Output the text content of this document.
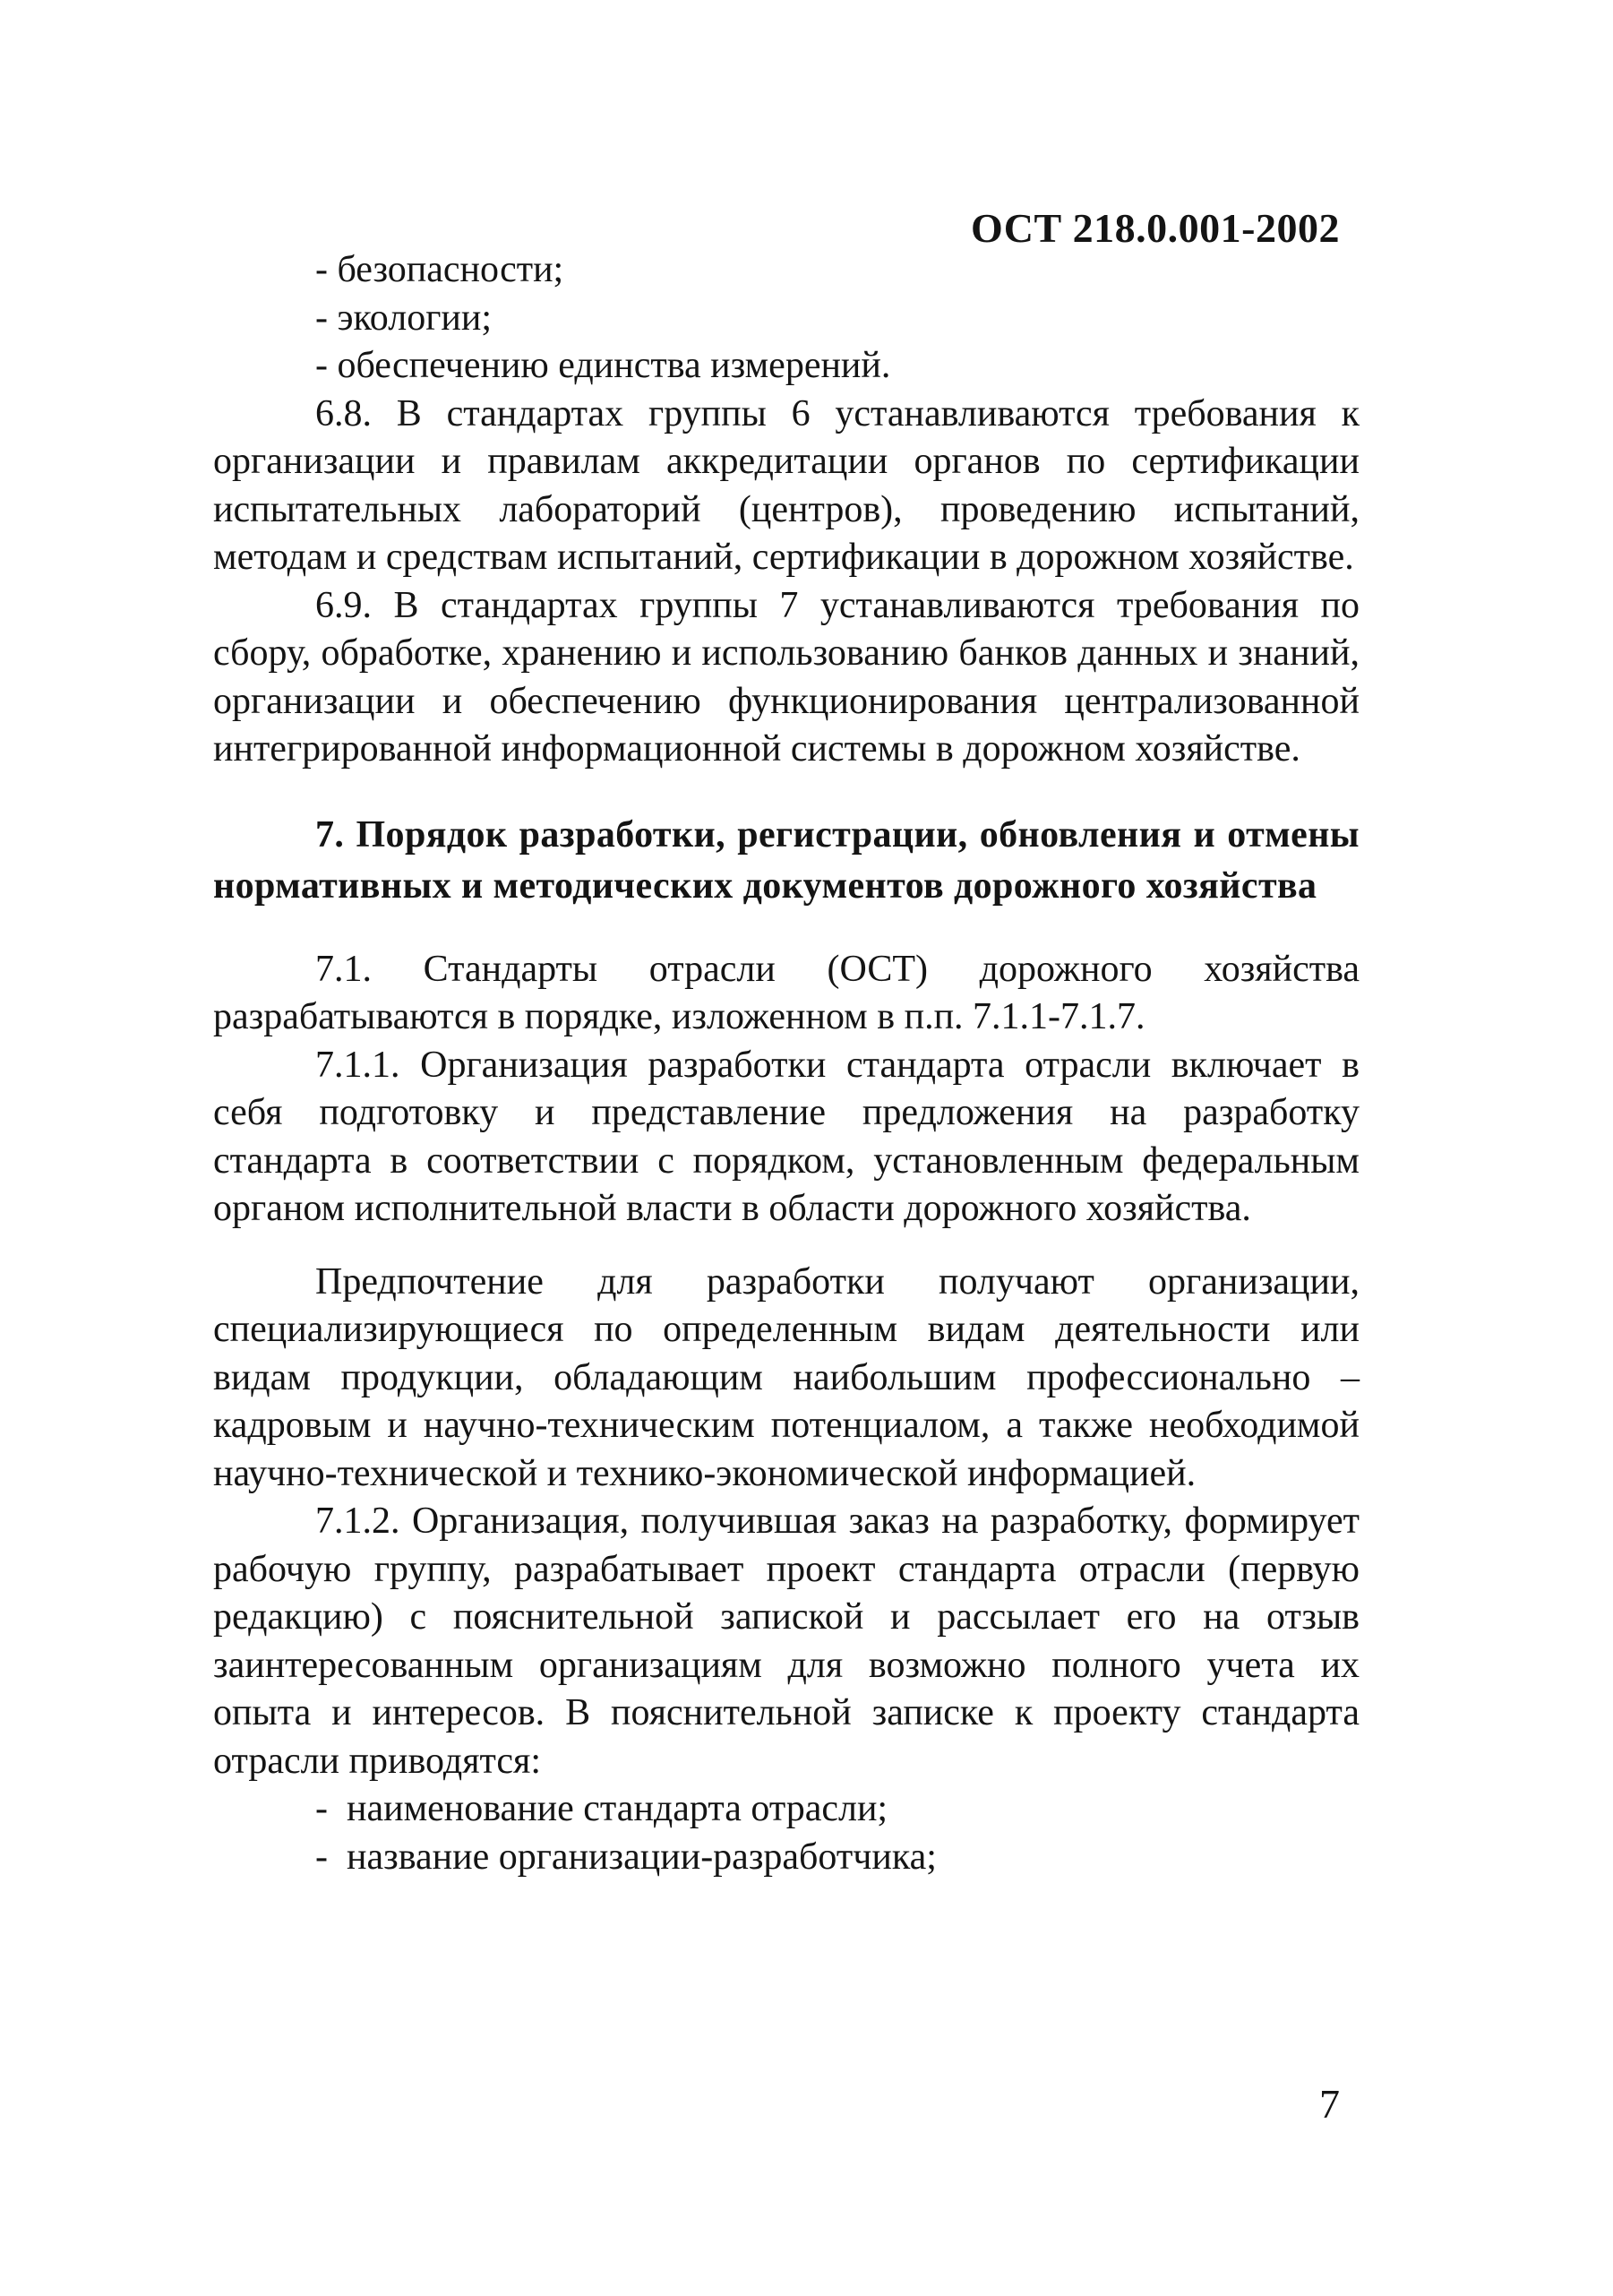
ОСТ 218.0.001-2002

- безопасности;

- экологии;

- обеспечению единства измерений.

6.8. В стандартах группы 6 устанавливаются требования к организации и правилам аккредитации органов по сертификации испытательных лабораторий (центров), проведению испытаний, методам и средствам испытаний, сертификации в дорожном хозяйстве.

6.9. В стандартах группы 7 устанавливаются требования по сбору, обработке, хранению и использованию банков данных и знаний, организации и обеспечению функционирования централизованной интегрированной информационной системы в дорожном хозяйстве.

7. Порядок разработки, регистрации, обновления и отмены нормативных и методических документов дорожного хозяйства

7.1. Стандарты отрасли (ОСТ) дорожного хозяйства разрабатываются в порядке, изложенном в п.п. 7.1.1-7.1.7.

7.1.1. Организация разработки стандарта отрасли включает в себя подготовку и представление предложения на разработку стандарта в соответствии с порядком, установленным федеральным органом исполнительной власти в области дорожного хозяйства.

Предпочтение для разработки получают организации, специализирующиеся по определенным видам деятельности или видам продукции, обладающим наибольшим профессионально – кадровым и научно-техническим потенциалом, а также необходимой научно-технической и технико-экономической информацией.

7.1.2. Организация, получившая заказ на разработку, формирует рабочую группу, разрабатывает проект стандарта отрасли (первую редакцию) с пояснительной запиской и рассылает его на отзыв заинтересованным организациям для возможно полного учета их опыта и интересов. В пояснительной записке к проекту стандарта отрасли приводятся:

-  наименование стандарта отрасли;

-  название организации-разработчика;

7
